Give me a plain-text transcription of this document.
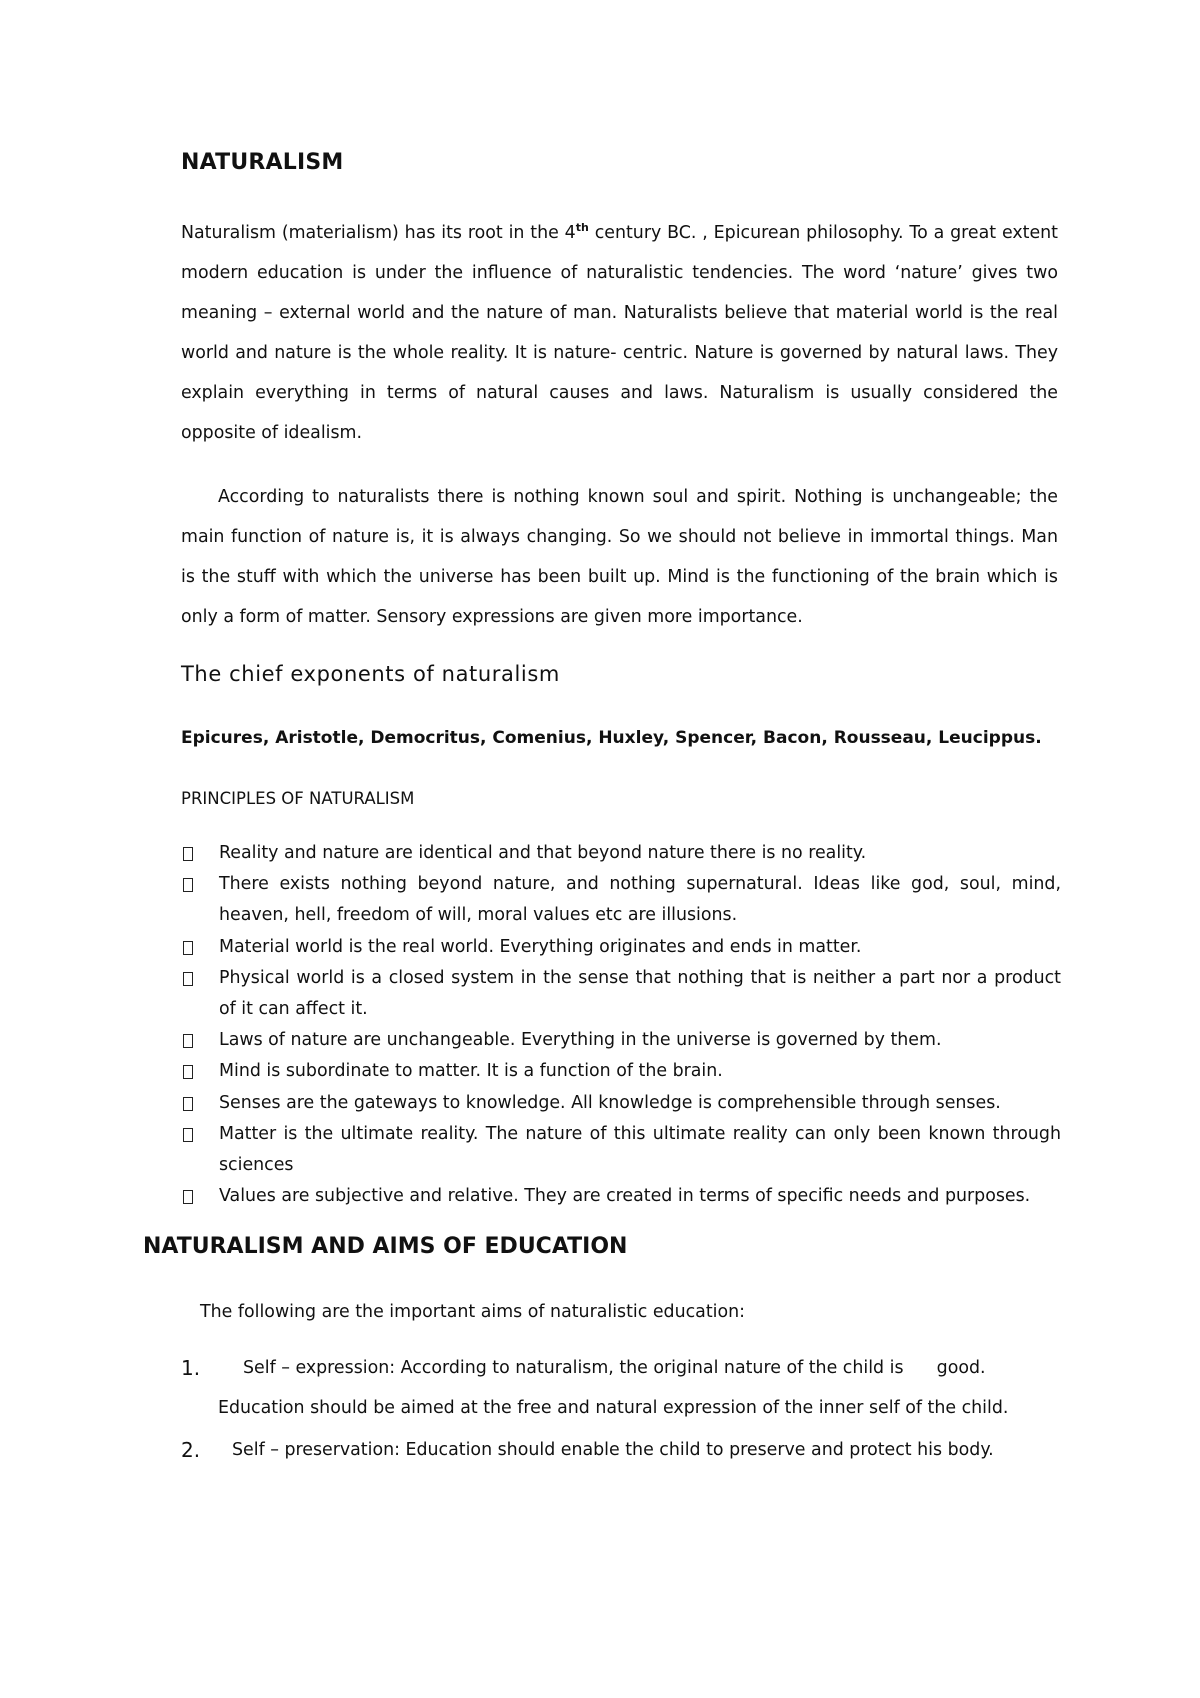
NATURALISM
Naturalism (materialism) has its root in the 4th century BC. , Epicurean philosophy. To a great extent modern education is under the influence of naturalistic tendencies. The word ‘nature’ gives two meaning – external world and the nature of man. Naturalists believe that material world is the real world and nature is the whole reality. It is nature- centric. Nature is governed by natural laws. They explain everything in terms of natural causes and laws. Naturalism is usually considered the opposite of idealism.
According to naturalists there is nothing known soul and spirit. Nothing is unchangeable; the main function of nature is, it is always changing. So we should not believe in immortal things. Man is the stuff with which the universe has been built up. Mind is the functioning of the brain which is only a form of matter. Sensory expressions are given more importance.
The chief exponents of naturalism
Epicures, Aristotle, Democritus, Comenius, Huxley, Spencer, Bacon, Rousseau, Leucippus.
PRINCIPLES OF NATURALISM
Reality and nature are identical and that beyond nature there is no reality.
There exists nothing beyond nature, and nothing supernatural. Ideas like god, soul, mind, heaven, hell, freedom of will, moral values etc are illusions.
Material world is the real world. Everything originates and ends in matter.
Physical world is a closed system in the sense that nothing that is neither a part nor a product of it can affect it.
Laws of nature are unchangeable. Everything in the universe is governed by them.
Mind is subordinate to matter. It is a function of the brain.
Senses are the gateways to knowledge. All knowledge is comprehensible through senses.
Matter is the ultimate reality. The nature of this ultimate reality can only been known through sciences
Values are subjective and relative. They are created in terms of specific needs and purposes.
NATURALISM AND AIMS OF EDUCATION
The following are the important aims of naturalistic education:
1.	Self – expression: According to naturalism, the original nature of the child is      good.
Education should be aimed at the free and natural expression of the inner self of the child.
2.	Self – preservation: Education should enable the child to preserve and protect his body.
